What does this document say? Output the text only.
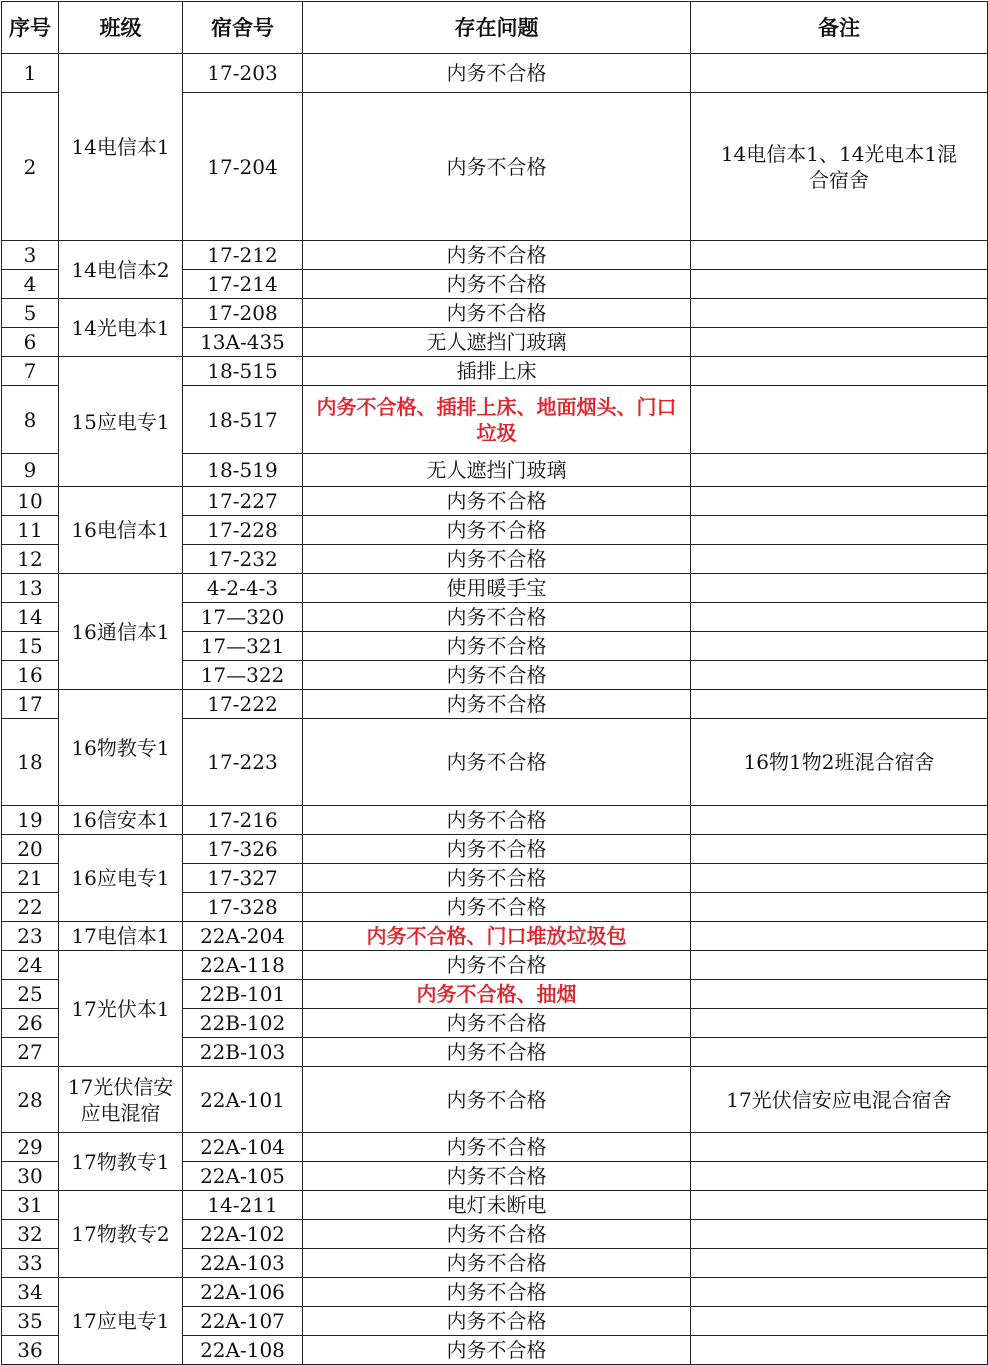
序号	班级	宿舍号	存在问题	备注
1	14电信本1	17-203	内务不合格	
2		17-204	内务不合格	14电信本1、14光电本1混合宿舍
3	14电信本2	17-212	内务不合格	
4		17-214	内务不合格	
5	14光电本1	17-208	内务不合格	
6		13A-435	无人遮挡门玻璃	
7	15应电专1	18-515	插排上床	
8		18-517	内务不合格、插排上床、地面烟头、门口垃圾	
9		18-519	无人遮挡门玻璃	
10	16电信本1	17-227	内务不合格	
11		17-228	内务不合格	
12		17-232	内务不合格	
13	16通信本1	4-2-4-3	使用暖手宝	
14		17—320	内务不合格	
15		17—321	内务不合格	
16		17—322	内务不合格	
17	16物教专1	17-222	内务不合格	
18		17-223	内务不合格	16物1物2班混合宿舍
19	16信安本1	17-216	内务不合格	
20	16应电专1	17-326	内务不合格	
21		17-327	内务不合格	
22		17-328	内务不合格	
23	17电信本1	22A-204	内务不合格、门口堆放垃圾包	
24	17光伏本1	22A-118	内务不合格	
25		22B-101	内务不合格、抽烟	
26		22B-102	内务不合格	
27		22B-103	内务不合格	
28	17光伏信安应电混宿	22A-101	内务不合格	17光伏信安应电混合宿舍
29	17物教专1	22A-104	内务不合格	
30		22A-105	内务不合格	
31	17物教专2	14-211	电灯未断电	
32		22A-102	内务不合格	
33		22A-103	内务不合格	
34	17应电专1	22A-106	内务不合格	
35		22A-107	内务不合格	
36		22A-108	内务不合格	
